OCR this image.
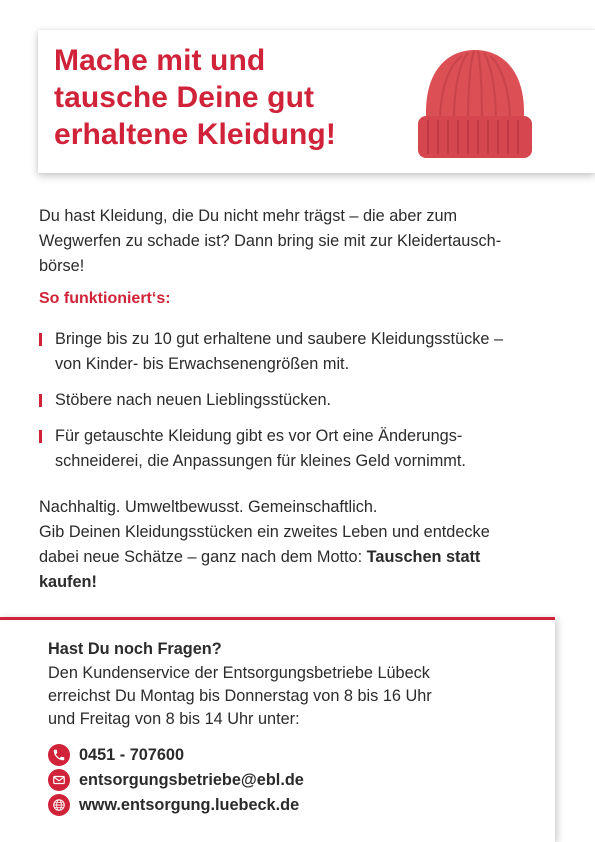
Mache mit und
tausche Deine gut
erhaltene Kleidung!

Du hast Kleidung, die Du nicht mehr trägst – die aber zum
Wegwerfen zu schade ist? Dann bring sie mit zur Kleidertausch-
börse!

So funktioniert‘s:
Bringe bis zu 10 gut erhaltene und saubere Kleidungsstücke –
von Kinder- bis Erwachsenengrößen mit.
Stöbere nach neuen Lieblingsstücken.
Für getauschte Kleidung gibt es vor Ort eine Änderungs-
schneiderei, die Anpassungen für kleines Geld vornimmt.

Nachhaltig. Umweltbewusst. Gemeinschaftlich.
Gib Deinen Kleidungsstücken ein zweites Leben und entdecke
dabei neue Schätze – ganz nach dem Motto: Tauschen statt
kaufen!

Hast Du noch Fragen?

Den Kundenservice der Entsorgungsbetriebe Lübeck
erreichst Du Montag bis Donnerstag von 8 bis 16 Uhr
und Freitag von 8 bis 14 Uhr unter:

0451 - 707600
entsorgungsbetriebe@ebl.de
www.entsorgung.luebeck.de
